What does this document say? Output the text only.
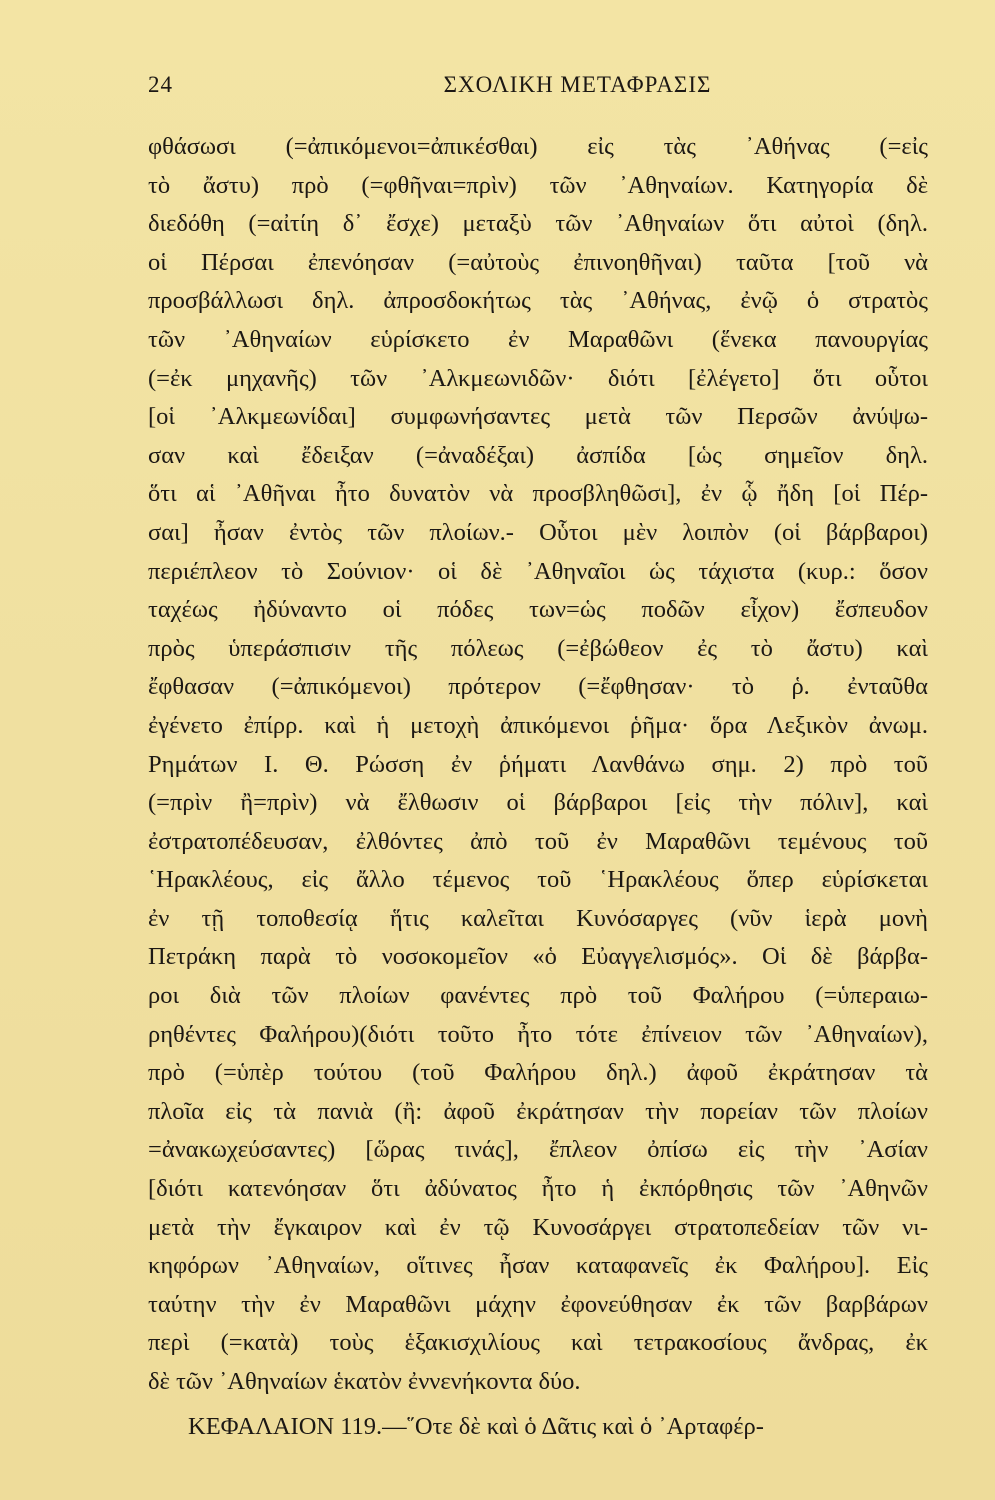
24	ΣΧΟΛΙΚΗ ΜΕΤΑΦΡΑΣΙΣ
φθάσωσι (=ἀπικόμενοι=ἀπικέσθαι) εἰς τὰς ᾿Αθήνας (=εἰς
τὸ ἄστυ) πρὸ (=φθῆναι=πρὶν) τῶν ᾿Αθηναίων. Κατηγορία δὲ
διεδόθη (=αἰτίη δ᾿ ἔσχε) μεταξὺ τῶν ᾿Αθηναίων ὅτι αὐτοὶ (δηλ.
οἱ Πέρσαι ἐπενόησαν (=αὐτοὺς ἐπινοηθῆναι) ταῦτα [τοῦ νὰ
προσβάλλωσι δηλ. ἀπροσδοκήτως τὰς ᾿Αθήνας, ἐνῷ ὁ στρατὸς
τῶν ᾿Αθηναίων εὑρίσκετο ἐν Μαραθῶνι (ἕνεκα πανουργίας
(=ἐκ μηχανῆς) τῶν ᾿Αλκμεωνιδῶν· διότι [ἐλέγετο] ὅτι οὗτοι
[οἱ ᾿Αλκμεωνίδαι] συμφωνήσαντες μετὰ τῶν Περσῶν ἀνύψω-
σαν καὶ ἔδειξαν (=ἀναδέξαι) ἀσπίδα [ὡς σημεῖον δηλ.
ὅτι αἱ ᾿Αθῆναι ἦτο δυνατὸν νὰ προσβληθῶσι], ἐν ᾧ ἤδη [οἱ Πέρ-
σαι] ἦσαν ἐντὸς τῶν πλοίων.- Οὗτοι μὲν λοιπὸν (οἱ βάρβαροι)
περιέπλεον τὸ Σούνιον· οἱ δὲ ᾿Αθηναῖοι ὡς τάχιστα (κυρ.: ὅσον
ταχέως ἠδύναντο οἱ πόδες των=ὡς ποδῶν εἶχον) ἔσπευδον
πρὸς ὑπεράσπισιν τῆς πόλεως (=ἐβώθεον ἐς τὸ ἄστυ) καὶ
ἔφθασαν (=ἀπικόμενοι) πρότερον (=ἔφθησαν· τὸ ῥ. ἐνταῦθα
ἐγένετο ἐπίρρ. καὶ ἡ μετοχὴ ἀπικόμενοι ῥῆμα· ὅρα Λεξικὸν ἀνωμ.
Ρημάτων Ι. Θ. Ρώσση ἐν ῥήματι Λανθάνω σημ. 2) πρὸ τοῦ
(=πρὶν ἢ=πρὶν) νὰ ἔλθωσιν οἱ βάρβαροι [εἰς τὴν πόλιν], καὶ
ἐστρατοπέδευσαν, ἐλθόντες ἀπὸ τοῦ ἐν Μαραθῶνι τεμένους τοῦ
῾Ηρακλέους, εἰς ἄλλο τέμενος τοῦ ῾Ηρακλέους ὅπερ εὑρίσκεται
ἐν τῇ τοποθεσίᾳ ἥτις καλεῖται Κυνόσαργες (νῦν ἱερὰ μονὴ
Πετράκη παρὰ τὸ νοσοκομεῖον «ὁ Εὐαγγελισμός». Οἱ δὲ βάρβα-
ροι διὰ τῶν πλοίων φανέντες πρὸ τοῦ Φαλήρου (=ὑπεραιω-
ρηθέντες Φαλήρου)(διότι τοῦτο ἦτο τότε ἐπίνειον τῶν ᾿Αθηναίων),
πρὸ (=ὑπὲρ τούτου (τοῦ Φαλήρου δηλ.) ἀφοῦ ἐκράτησαν τὰ
πλοῖα εἰς τὰ πανιὰ (ἢ: ἀφοῦ ἐκράτησαν τὴν πορείαν τῶν πλοίων
=ἀνακωχεύσαντες) [ὥρας τινάς], ἔπλεον ὀπίσω εἰς τὴν ᾿Ασίαν
[διότι κατενόησαν ὅτι ἀδύνατος ἦτο ἡ ἐκπόρθησις τῶν ᾿Αθηνῶν
μετὰ τὴν ἔγκαιρον καὶ ἐν τῷ Κυνοσάργει στρατοπεδείαν τῶν νι-
κηφόρων ᾿Αθηναίων, οἵτινες ἦσαν καταφανεῖς ἐκ Φαλήρου]. Εἰς
ταύτην τὴν ἐν Μαραθῶνι μάχην ἐφονεύθησαν ἐκ τῶν βαρβάρων
περὶ (=κατὰ) τοὺς ἑξακισχιλίους καὶ τετρακοσίους ἄνδρας, ἐκ
δὲ τῶν ᾿Αθηναίων ἑκατὸν ἐννενήκοντα δύο.
ΚΕΦΑΛΑΙΟΝ 119.—῞Οτε δὲ καὶ ὁ Δᾶτις καὶ ὁ ᾿Αρταφέρ-
